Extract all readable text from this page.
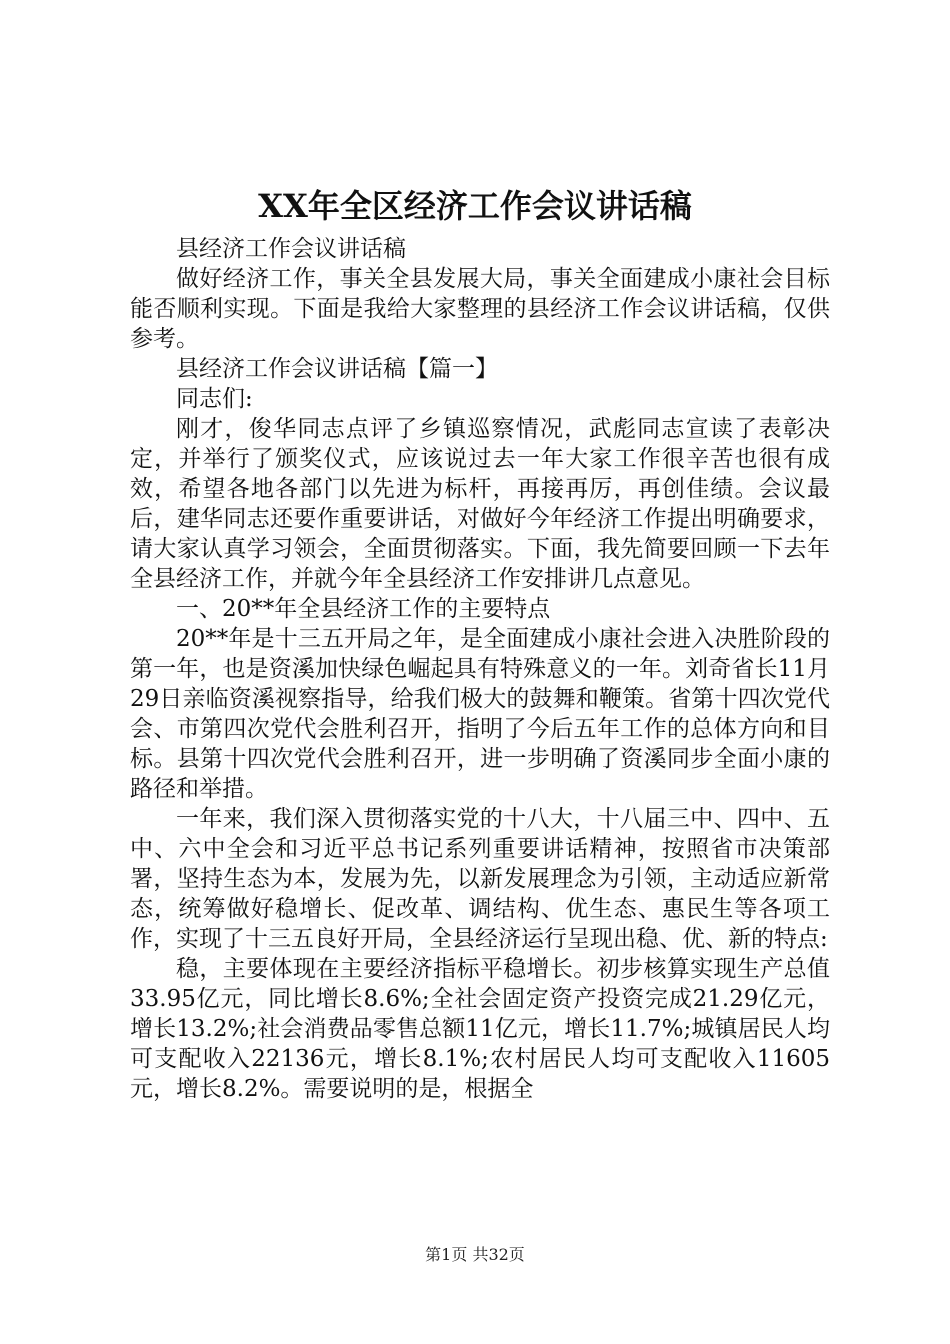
XX年全区经济工作会议讲话稿

县经济工作会议讲话稿

做好经济工作，事关全县发展大局，事关全面建成小康社会目标能否顺利实现。下面是我给大家整理的县经济工作会议讲话稿，仅供参考。

县经济工作会议讲话稿【篇一】

同志们:

刚才，俊华同志点评了乡镇巡察情况，武彪同志宣读了表彰决定，并举行了颁奖仪式，应该说过去一年大家工作很辛苦也很有成效，希望各地各部门以先进为标杆，再接再厉，再创佳绩。会议最后，建华同志还要作重要讲话，对做好今年经济工作提出明确要求，请大家认真学习领会，全面贯彻落实。下面，我先简要回顾一下去年全县经济工作，并就今年全县经济工作安排讲几点意见。

一、20**年全县经济工作的主要特点

20**年是十三五开局之年，是全面建成小康社会进入决胜阶段的第一年，也是资溪加快绿色崛起具有特殊意义的一年。刘奇省长11月29日亲临资溪视察指导，给我们极大的鼓舞和鞭策。省第十四次党代会、市第四次党代会胜利召开，指明了今后五年工作的总体方向和目标。县第十四次党代会胜利召开，进一步明确了资溪同步全面小康的路径和举措。

一年来，我们深入贯彻落实党的十八大，十八届三中、四中、五中、六中全会和习近平总书记系列重要讲话精神，按照省市决策部署，坚持生态为本，发展为先，以新发展理念为引领，主动适应新常态，统筹做好稳增长、促改革、调结构、优生态、惠民生等各项工作，实现了十三五良好开局，全县经济运行呈现出稳、优、新的特点:

稳，主要体现在主要经济指标平稳增长。初步核算实现生产总值33.95亿元，同比增长8.6%;全社会固定资产投资完成21.29亿元，增长13.2%;社会消费品零售总额11亿元，增长11.7%;城镇居民人均可支配收入22136元，增长8.1%;农村居民人均可支配收入11605元，增长8.2%。需要说明的是，根据全

第1页 共32页
